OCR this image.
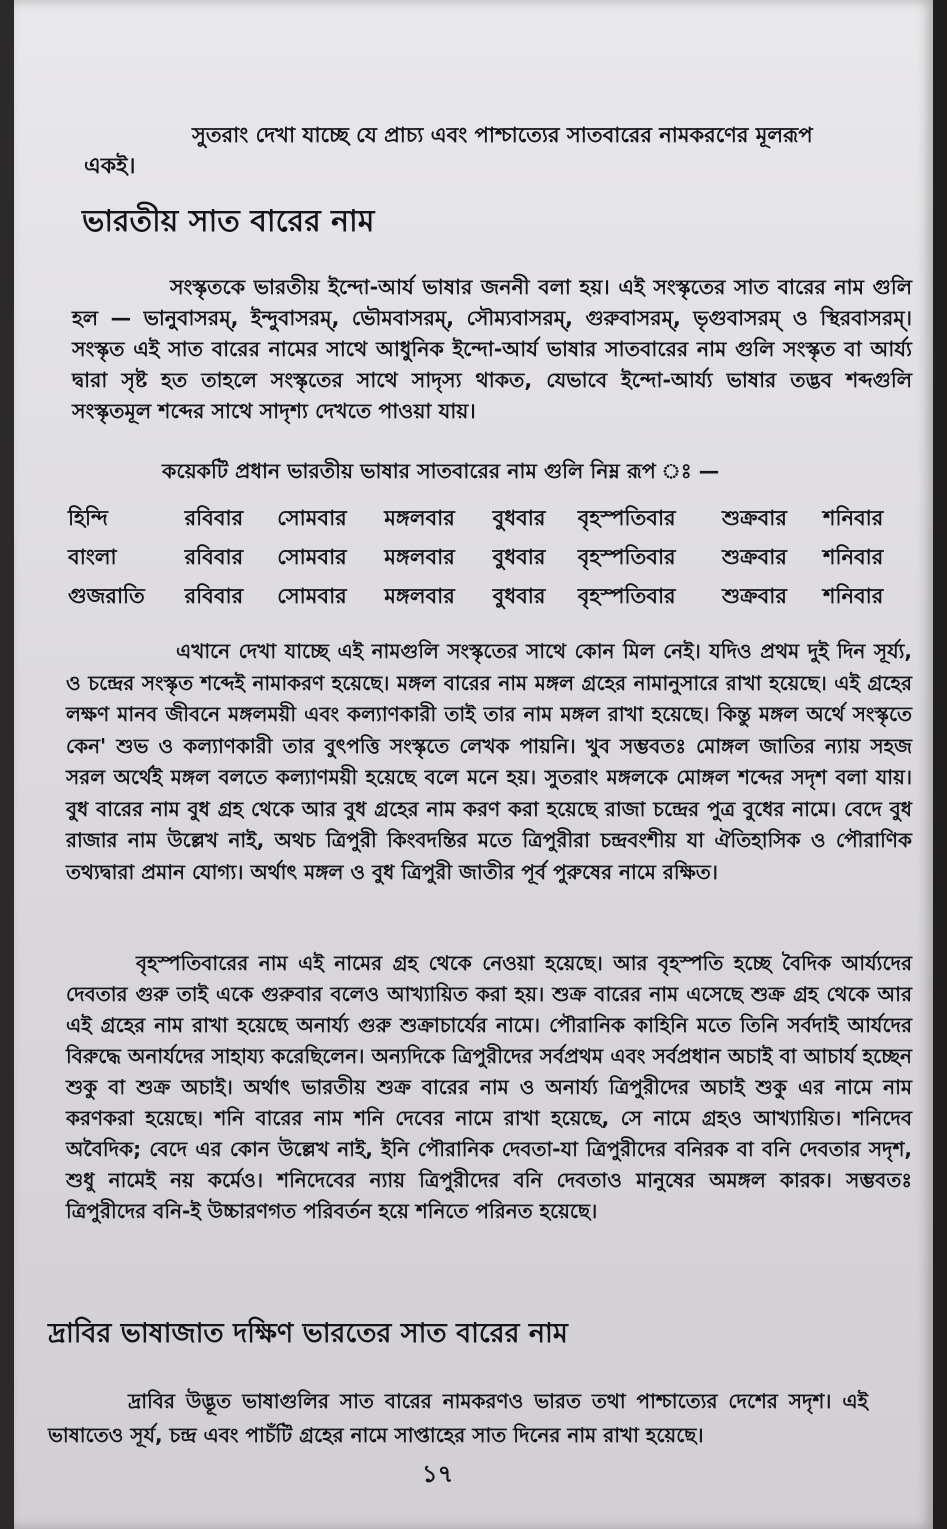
সুতরাং দেখা যাচ্ছে যে প্রাচ্য এবং পাশ্চাত্যের সাতবারের নামকরণের মূলরূপ
একই।
ভারতীয় সাত বারের নাম
সংস্কৃতকে ভারতীয় ইন্দো-আর্য ভাষার জননী বলা হয়। এই সংস্কৃতের সাত বারের নাম গুলি হল — ভানুবাসরম্, ইন্দুবাসরম্, ভৌমবাসরম্, সৌম্যবাসরম্, গুরুবাসরম্, ভৃগুবাসরম্ ও স্থিরবাসরম্। সংস্কৃত এই সাত বারের নামের সাথে আধুনিক ইন্দো-আর্য ভাষার সাতবারের নাম গুলি সংস্কৃত বা আর্য্য দ্বারা সৃষ্ট হত তাহলে সংস্কৃতের সাথে সাদৃস্য থাকত, যেভাবে ইন্দো-আর্য্য ভাষার তদ্ভব শব্দগুলি সংস্কৃতমূল শব্দের সাথে সাদৃশ্য দেখতে পাওয়া যায়।
কয়েকটি প্রধান ভারতীয় ভাষার সাতবারের নাম গুলি নিম্ন রূপ ঃ —
হিন্দি	রবিবার	সোমবার	মঙ্গলবার	বুধবার	বৃহস্পতিবার	শুক্রবার	শনিবার
বাংলা	রবিবার	সোমবার	মঙ্গলবার	বুধবার	বৃহস্পতিবার	শুক্রবার	শনিবার
গুজরাতি	রবিবার	সোমবার	মঙ্গলবার	বুধবার	বৃহস্পতিবার	শুক্রবার	শনিবার
এখানে দেখা যাচ্ছে এই নামগুলি সংস্কৃতের সাথে কোন মিল নেই। যদিও প্রথম দুই দিন সূর্য্য, ও চন্দ্রের সংস্কৃত শব্দেই নামাকরণ হয়েছে। মঙ্গল বারের নাম মঙ্গল গ্রহের নামানুসারে রাখা হয়েছে। এই গ্রহের লক্ষণ মানব জীবনে মঙ্গলময়ী এবং কল্যাণকারী তাই তার নাম মঙ্গল রাখা হয়েছে। কিন্তু মঙ্গল অর্থে সংস্কৃতে কেন' শুভ ও কল্যাণকারী তার বুৎপত্তি সংস্কৃতে লেখক পায়নি। খুব সম্ভবতঃ মোঙ্গল জাতির ন্যায় সহজ সরল অর্থেই মঙ্গল বলতে কল্যাণময়ী হয়েছে বলে মনে হয়। সুতরাং মঙ্গলকে মোঙ্গল শব্দের সদৃশ বলা যায়। বুধ বারের নাম বুধ গ্রহ থেকে আর বুধ গ্রহের নাম করণ করা হয়েছে রাজা চন্দ্রের পুত্র বুধের নামে। বেদে বুধ রাজার নাম উল্লেখ নাই, অথচ ত্রিপুরী কিংবদন্তির মতে ত্রিপুরীরা চন্দ্রবংশীয় যা ঐতিহাসিক ও পৌরাণিক তথ্যদ্বারা প্রমান যোগ্য। অর্থাৎ মঙ্গল ও বুধ ত্রিপুরী জাতীর পূর্ব পুরুষের নামে রক্ষিত।
বৃহস্পতিবারের নাম এই নামের গ্রহ থেকে নেওয়া হয়েছে। আর বৃহস্পতি হচ্ছে বৈদিক আর্য্যদের দেবতার গুরু তাই একে গুরুবার বলেও আখ্যায়িত করা হয়। শুক্র বারের নাম এসেছে শুক্র গ্রহ থেকে আর এই গ্রহের নাম রাখা হয়েছে অনার্য্য গুরু শুক্রাচার্যের নামে। পৌরানিক কাহিনি মতে তিনি সর্বদাই আর্যদের বিরুদ্ধে অনার্যদের সাহায্য করেছিলেন। অন্যদিকে ত্রিপুরীদের সর্বপ্রথম এবং সর্বপ্রধান অচাই বা আচার্য হচ্ছেন শুকু বা শুক্র অচাই। অর্থাৎ ভারতীয় শুক্র বারের নাম ও অনার্য্য ত্রিপুরীদের অচাই শুকু এর নামে নাম করণকরা হয়েছে। শনি বারের নাম শনি দেবের নামে রাখা হয়েছে, সে নামে গ্রহও আখ্যায়িত। শনিদেব অবৈদিক; বেদে এর কোন উল্লেখ নাই, ইনি পৌরানিক দেবতা-যা ত্রিপুরীদের বনিরক বা বনি দেবতার সদৃশ, শুধু নামেই নয় কর্মেও। শনিদেবের ন্যায় ত্রিপুরীদের বনি দেবতাও মানুষের অমঙ্গল কারক। সম্ভবতঃ ত্রিপুরীদের বনি-ই উচ্চারণগত পরিবর্তন হয়ে শনিতে পরিনত হয়েছে।
দ্রাবির ভাষাজাত দক্ষিণ ভারতের সাত বারের নাম
দ্রাবির উদ্ভূত ভাষাগুলির সাত বারের নামকরণও ভারত তথা পাশ্চাত্যের দেশের সদৃশ। এই ভাষাতেও সূর্য, চন্দ্র এবং পাচঁটি গ্রহের নামে সাপ্তাহের সাত দিনের নাম রাখা হয়েছে।
১৭
